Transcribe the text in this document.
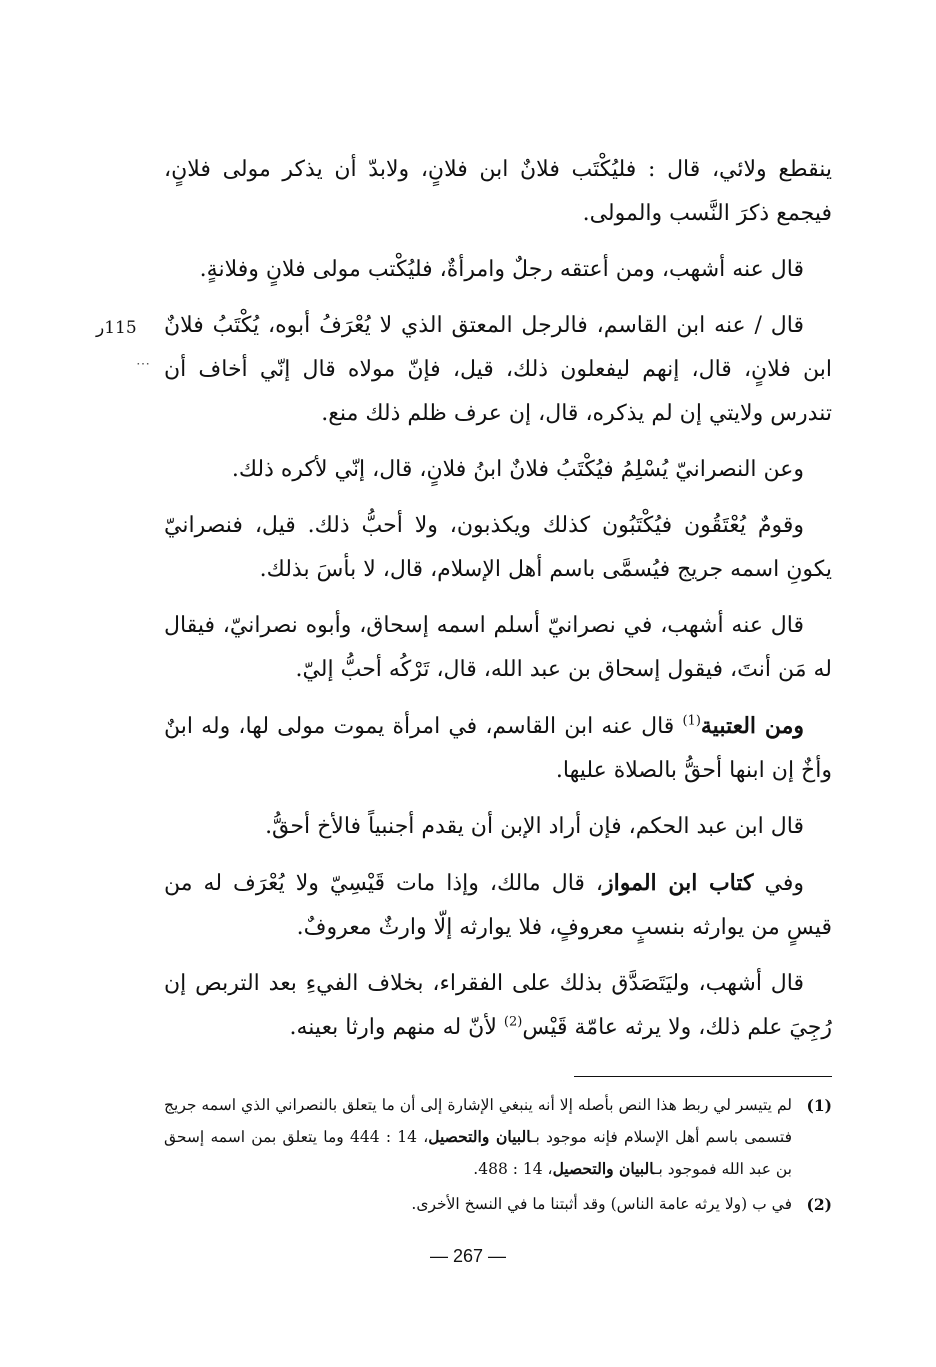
115ر
⋯

ينقطع ولائي، قال : فليُكْتَب فلانٌ ابن فلانٍ، ولابدّ أن يذكر مولى فلانٍ، فيجمع ذكرَ النَّسب والمولى.

قال عنه أشهب، ومن أعتقه رجلٌ وامرأةٌ، فليُكْتب مولى فلانٍ وفلانةٍ.

قال / عنه ابن القاسم، فالرجل المعتق الذي لا يُعْرَفُ أبوه، يُكْتَبُ فلانٌ ابن فلانٍ، قال، إنهم ليفعلون ذلك، قيل، فإنّ مولاه قال إنّي أخاف أن تندرس ولايتي إن لم يذكره، قال، إن عرف ظلم ذلك منع.

وعن النصرانيّ يُسْلِمُ فيُكْتَبُ فلانٌ ابنُ فلانٍ، قال، إنّي لأكره ذلك.

وقومٌ يُعْتَقُون فيُكْتَبُون كذلك ويكذبون، ولا أحبُّ ذلك. قيل، فنصرانيّ يكونِ اسمه جريج فيُسمَّى باسم أهل الإسلام، قال، لا بأسَ بذلك.

قال عنه أشهب، في نصرانيّ أسلم اسمه إسحاق، وأبوه نصرانيّ، فيقال له مَن أنتَ، فيقول إسحاق بن عبد الله، قال، تَرْكُه أحبُّ إليّ.

ومن العتبية$^{(1)}$ قال عنه ابن القاسم، في امرأة يموت مولى لها، وله ابنٌ وأخٌ إن ابنها أحقُّ بالصلاة عليها.

قال ابن عبد الحكم، فإن أراد الإبن أن يقدم أجنبياً فالأخ أحقُّ.

وفي كتاب ابن المواز، قال مالك، وإذا مات قَيْسِيّ ولا يُعْرَف له من قيسٍ من يوارثه بنسبٍ معروفٍ، فلا يوارثه إلّا وارثٌ معروفٌ.

قال أشهب، وليَتَصَدَّق بذلك على الفقراء، بخلاف الفيءِ بعد التربص إن رُجِيَ علم ذلك، ولا يرثه عامّة قَيْس$^{(2)}$ لأنّ له منهم وارثا بعينه.

(1)
لم يتيسر لي ربط هذا النص بأصله إلا أنه ينبغي الإشارة إلى أن ما يتعلق بالنصراني الذي اسمه جريج فتسمى باسم أهل الإسلام فإنه موجود بـالبيان والتحصيل، 14 : 444 وما يتعلق بمن اسمه إسحق بن عبد الله فموجود بـالبيان والتحصيل، 14 : 488.
(2)
في ب (ولا يرثه عامة الناس) وقد أثبتنا ما في النسخ الأخرى.
— 267 —
